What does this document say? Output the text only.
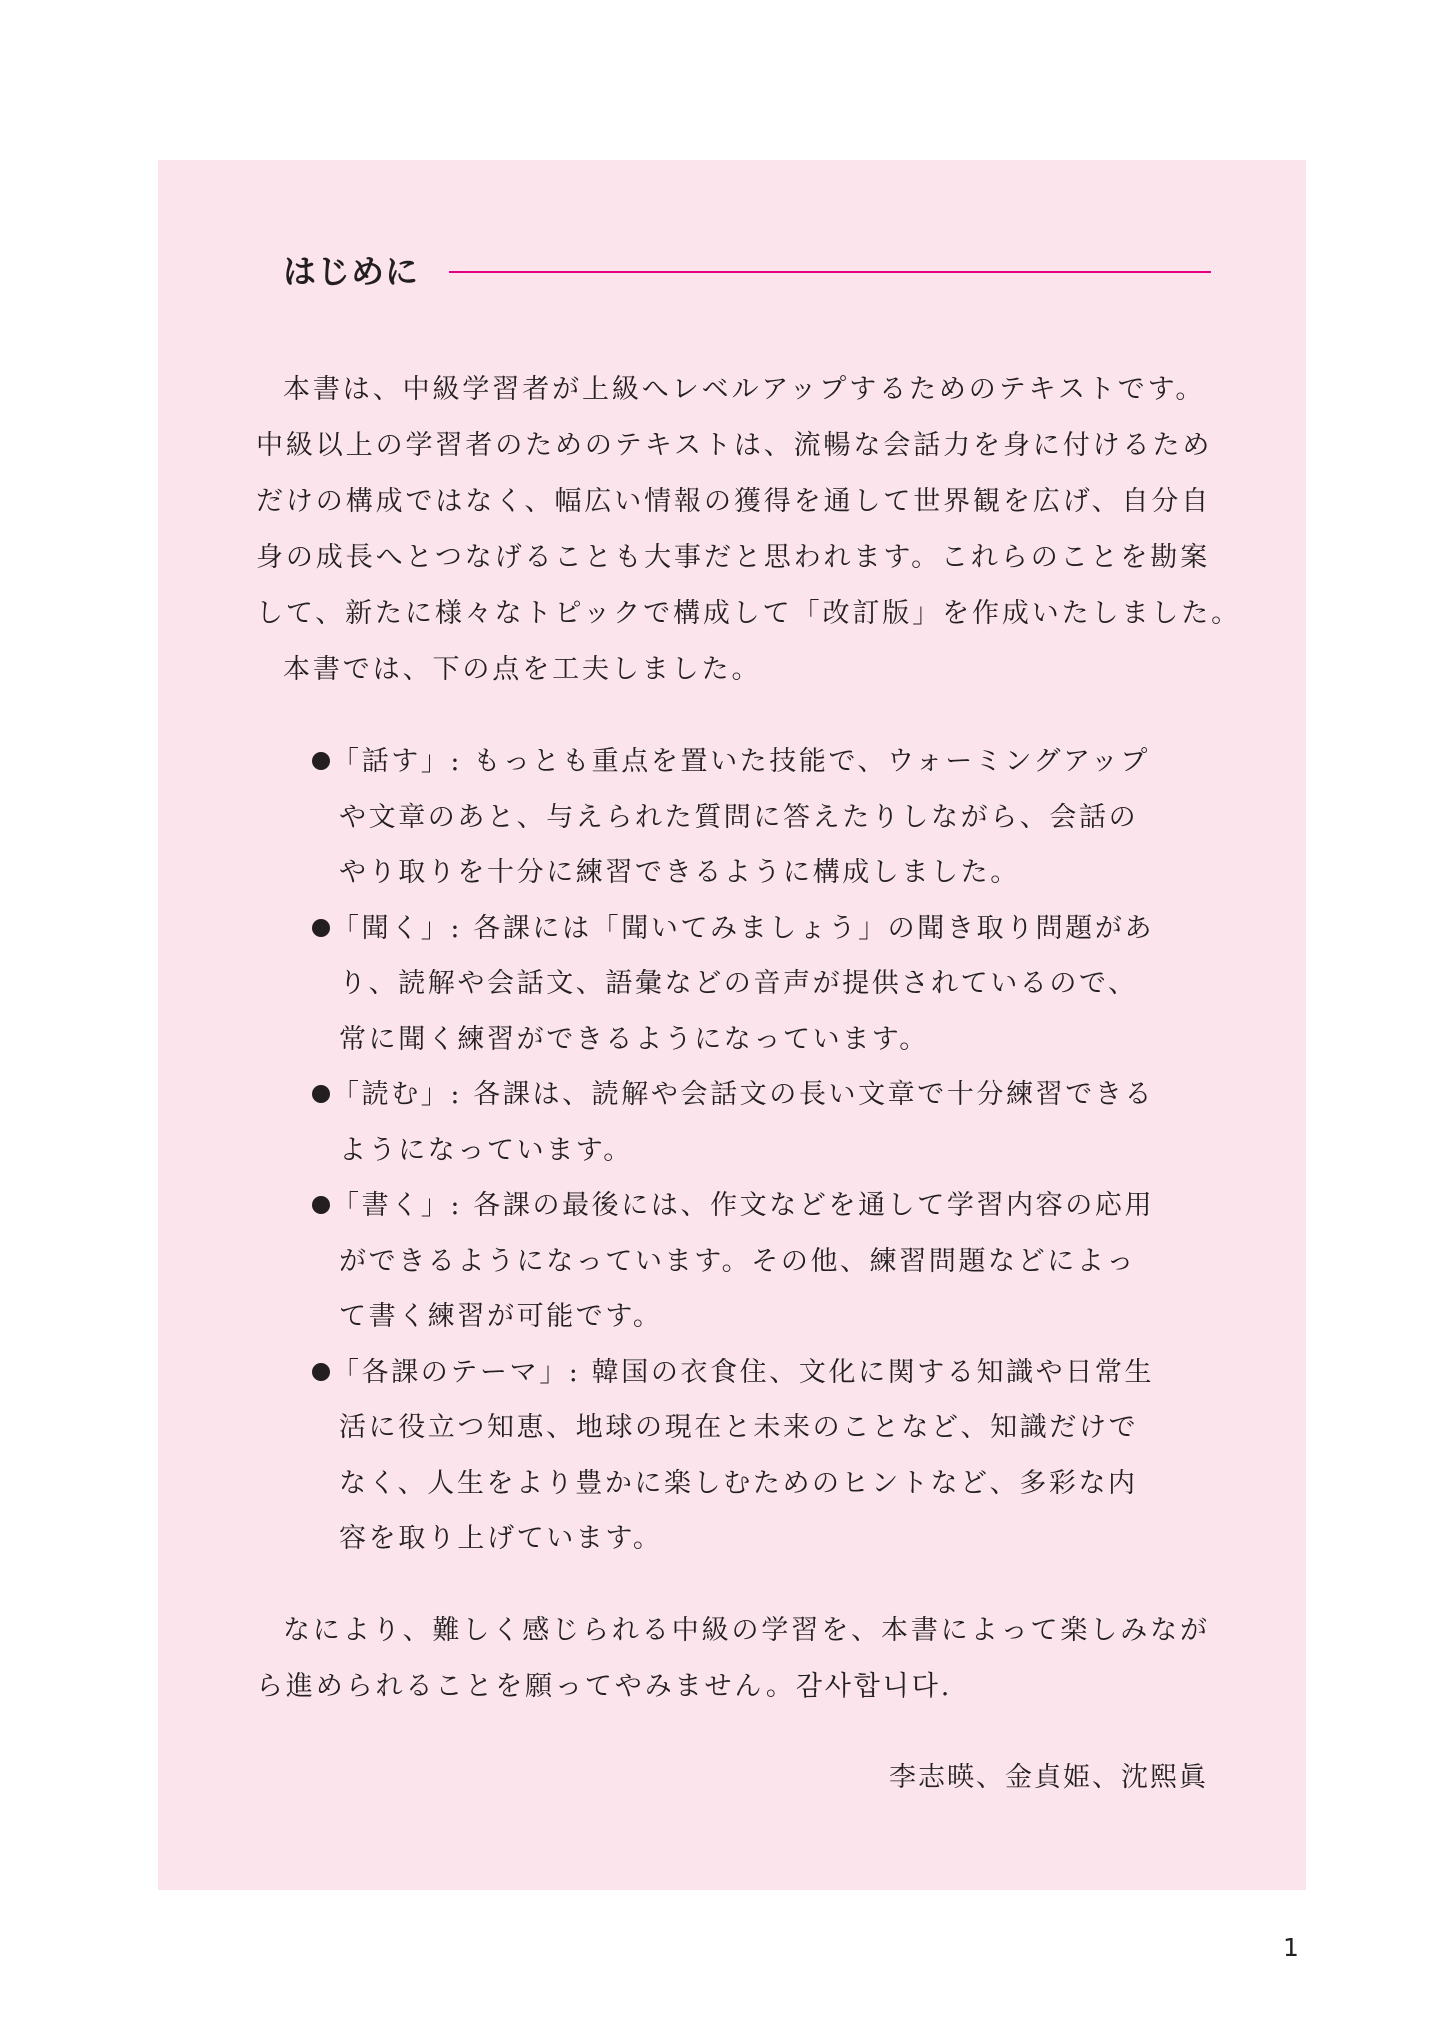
はじめに
本書は、中級学習者が上級へレベルアップするためのテキストです。
中級以上の学習者のためのテキストは、流暢な会話力を身に付けるため
だけの構成ではなく、幅広い情報の獲得を通して世界観を広げ、自分自
身の成長へとつなげることも大事だと思われます。これらのことを勘案
して、新たに様々なトピックで構成して「改訂版」を作成いたしました。
本書では、下の点を工夫しました。
「話す」: もっとも重点を置いた技能で、ウォーミングアップ
や文章のあと、与えられた質問に答えたりしながら、会話の
やり取りを十分に練習できるように構成しました。
「聞く」: 各課には「聞いてみましょう」の聞き取り問題があ
り、読解や会話文、語彙などの音声が提供されているので、
常に聞く練習ができるようになっています。
「読む」: 各課は、読解や会話文の長い文章で十分練習できる
ようになっています。
「書く」: 各課の最後には、作文などを通して学習内容の応用
ができるようになっています。その他、練習問題などによっ
て書く練習が可能です。
「各課のテーマ」: 韓国の衣食住、文化に関する知識や日常生
活に役立つ知恵、地球の現在と未来のことなど、知識だけで
なく、人生をより豊かに楽しむためのヒントなど、多彩な内
容を取り上げています。
なにより、難しく感じられる中級の学習を、本書によって楽しみなが
ら進められることを願ってやみません。감사합니다.
李志暎、金貞姫、沈熙眞
1
